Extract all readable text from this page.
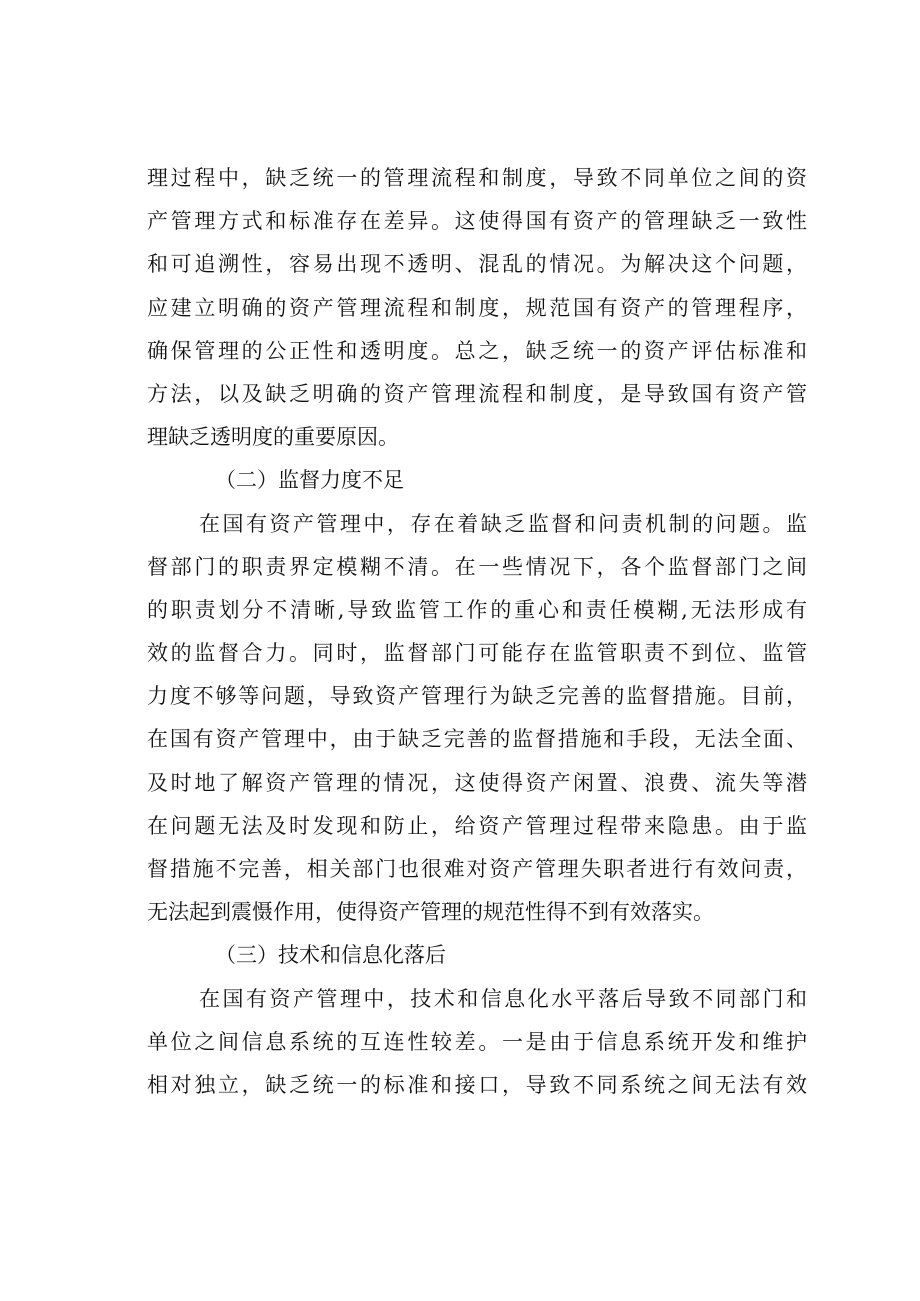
理过程中，缺乏统一的管理流程和制度，导致不同单位之间的资
产管理方式和标准存在差异。这使得国有资产的管理缺乏一致性
和可追溯性，容易出现不透明、混乱的情况。为解决这个问题，
应建立明确的资产管理流程和制度，规范国有资产的管理程序，
确保管理的公正性和透明度。总之，缺乏统一的资产评估标准和
方法，以及缺乏明确的资产管理流程和制度，是导致国有资产管
理缺乏透明度的重要原因。
（二）监督力度不足
在国有资产管理中，存在着缺乏监督和问责机制的问题。监
督部门的职责界定模糊不清。在一些情况下，各个监督部门之间
的职责划分不清晰,导致监管工作的重心和责任模糊,无法形成有
效的监督合力。同时，监督部门可能存在监管职责不到位、监管
力度不够等问题，导致资产管理行为缺乏完善的监督措施。目前，
在国有资产管理中，由于缺乏完善的监督措施和手段，无法全面、
及时地了解资产管理的情况，这使得资产闲置、浪费、流失等潜
在问题无法及时发现和防止，给资产管理过程带来隐患。由于监
督措施不完善，相关部门也很难对资产管理失职者进行有效问责，
无法起到震慑作用，使得资产管理的规范性得不到有效落实。
（三）技术和信息化落后
在国有资产管理中，技术和信息化水平落后导致不同部门和
单位之间信息系统的互连性较差。一是由于信息系统开发和维护
相对独立，缺乏统一的标准和接口，导致不同系统之间无法有效
